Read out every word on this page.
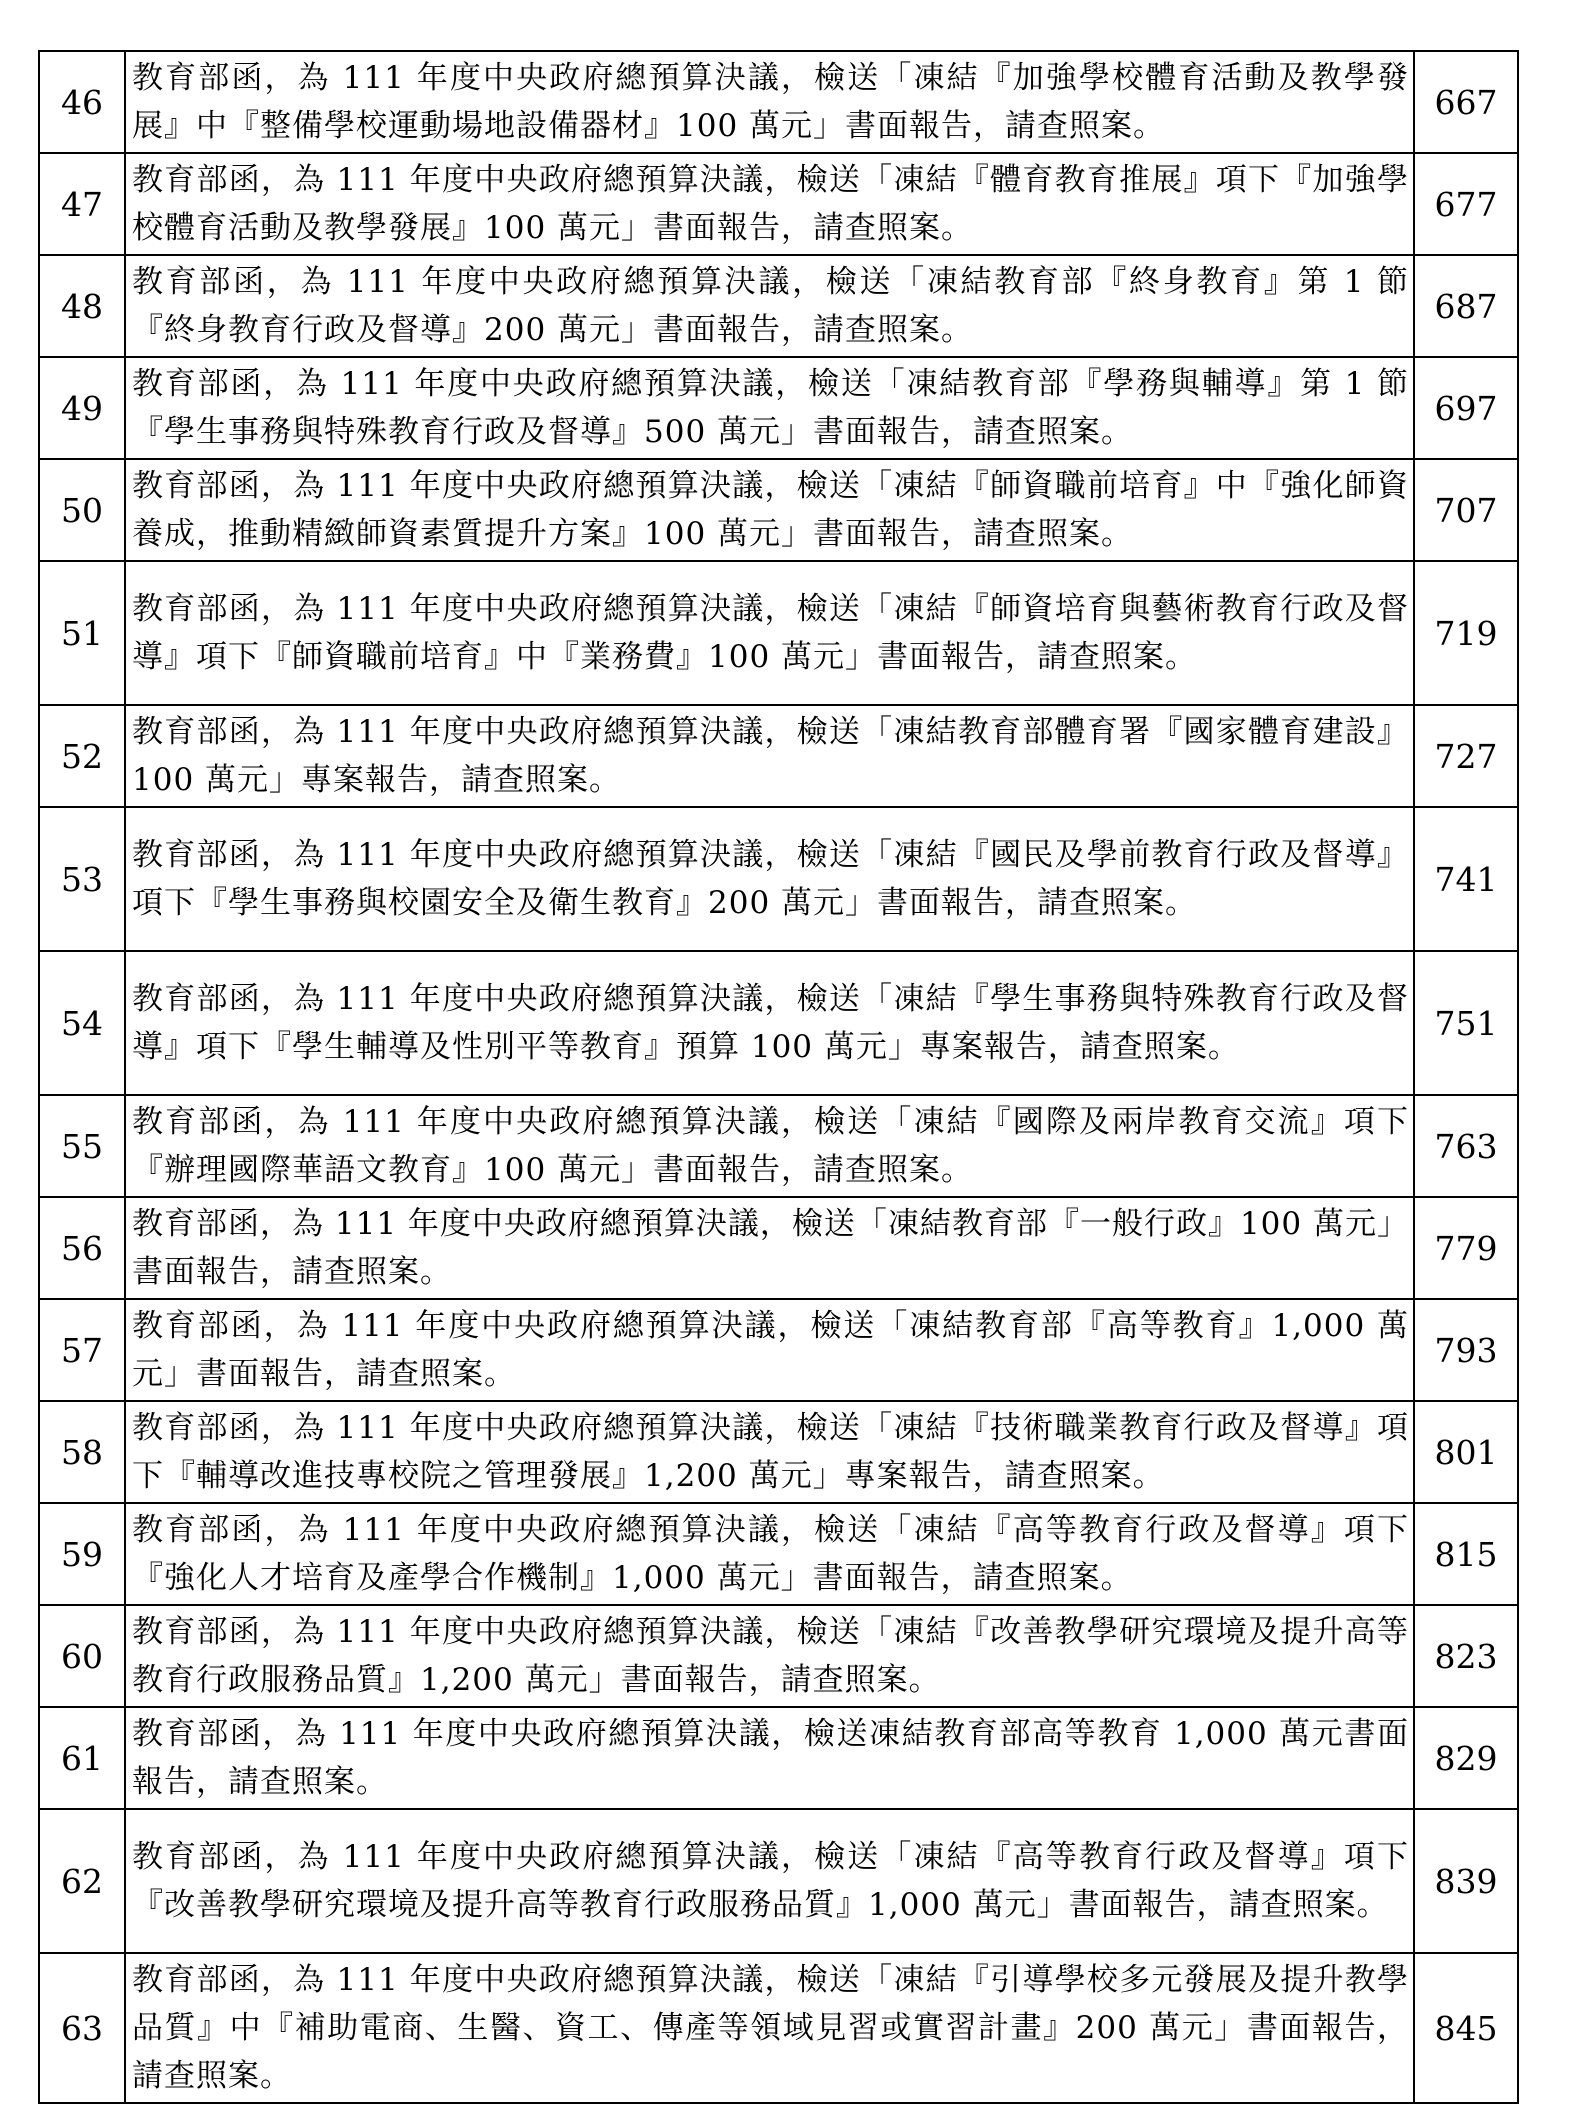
46	教育部函，為 111 年度中央政府總預算決議，檢送「凍結『加強學校體育活動及教學發展』中『整備學校運動場地設備器材』100 萬元」書面報告，請查照案。	667
47	教育部函，為 111 年度中央政府總預算決議，檢送「凍結『體育教育推展』項下『加強學校體育活動及教學發展』100 萬元」書面報告，請查照案。	677
48	教育部函，為 111 年度中央政府總預算決議，檢送「凍結教育部『終身教育』第 1 節『終身教育行政及督導』200 萬元」書面報告，請查照案。	687
49	教育部函，為 111 年度中央政府總預算決議，檢送「凍結教育部『學務與輔導』第 1 節『學生事務與特殊教育行政及督導』500 萬元」書面報告，請查照案。	697
50	教育部函，為 111 年度中央政府總預算決議，檢送「凍結『師資職前培育』中『強化師資養成，推動精緻師資素質提升方案』100 萬元」書面報告，請查照案。	707
51	教育部函，為 111 年度中央政府總預算決議，檢送「凍結『師資培育與藝術教育行政及督導』項下『師資職前培育』中『業務費』100 萬元」書面報告，請查照案。	719
52	教育部函，為 111 年度中央政府總預算決議，檢送「凍結教育部體育署『國家體育建設』100 萬元」專案報告，請查照案。	727
53	教育部函，為 111 年度中央政府總預算決議，檢送「凍結『國民及學前教育行政及督導』項下『學生事務與校園安全及衛生教育』200 萬元」書面報告，請查照案。	741
54	教育部函，為 111 年度中央政府總預算決議，檢送「凍結『學生事務與特殊教育行政及督導』項下『學生輔導及性別平等教育』預算 100 萬元」專案報告，請查照案。	751
55	教育部函，為 111 年度中央政府總預算決議，檢送「凍結『國際及兩岸教育交流』項下『辦理國際華語文教育』100 萬元」書面報告，請查照案。	763
56	教育部函，為 111 年度中央政府總預算決議，檢送「凍結教育部『一般行政』100 萬元」書面報告，請查照案。	779
57	教育部函，為 111 年度中央政府總預算決議，檢送「凍結教育部『高等教育』1,000 萬元」書面報告，請查照案。	793
58	教育部函，為 111 年度中央政府總預算決議，檢送「凍結『技術職業教育行政及督導』項下『輔導改進技專校院之管理發展』1,200 萬元」專案報告，請查照案。	801
59	教育部函，為 111 年度中央政府總預算決議，檢送「凍結『高等教育行政及督導』項下『強化人才培育及產學合作機制』1,000 萬元」書面報告，請查照案。	815
60	教育部函，為 111 年度中央政府總預算決議，檢送「凍結『改善教學研究環境及提升高等教育行政服務品質』1,200 萬元」書面報告，請查照案。	823
61	教育部函，為 111 年度中央政府總預算決議，檢送凍結教育部高等教育 1,000 萬元書面報告，請查照案。	829
62	教育部函，為 111 年度中央政府總預算決議，檢送「凍結『高等教育行政及督導』項下『改善教學研究環境及提升高等教育行政服務品質』1,000 萬元」書面報告，請查照案。	839
63	教育部函，為 111 年度中央政府總預算決議，檢送「凍結『引導學校多元發展及提升教學品質』中『補助電商、生醫、資工、傳產等領域見習或實習計畫』200 萬元」書面報告，請查照案。	845
